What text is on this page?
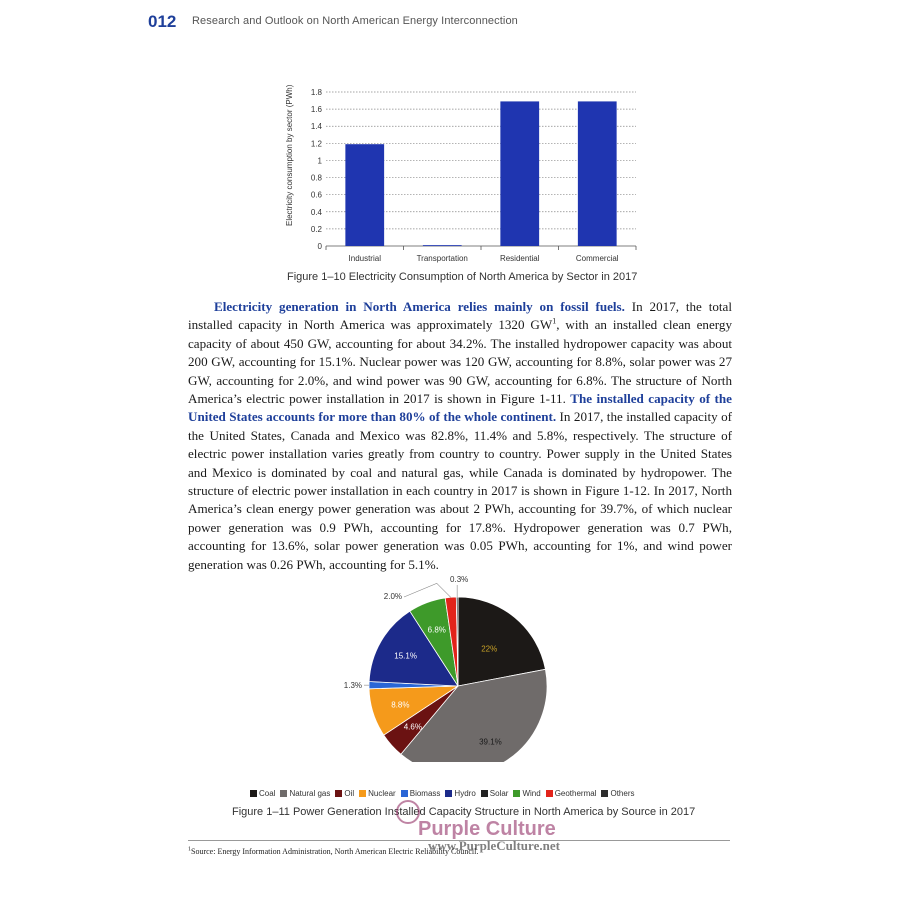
012 Research and Outlook on North American Energy Interconnection
Electricity consumption by sector (PWh)
0
0.2
0.4
0.6
0.8
1
1.2
1.4
1.6
1.8
Industrial	Transportation	Residential	Commercial
Figure 1–10 Electricity Consumption of North America by Sector in 2017

Electricity generation in North America relies mainly on fossil fuels. In 2017, the total installed capacity in North America was approximately 1320 $GW^1$, with an installed clean energy capacity of about 450 GW, accounting for about 34.2%. The installed hydropower capacity was about 200 GW, accounting for 15.1%. Nuclear power was 120 GW, accounting for 8.8%, solar power was 27 GW, accounting for 2.0%, and wind power was 90 GW, accounting for 6.8%. The structure of North America’s electric power installation in 2017 is shown in Figure 1-11. The installed capacity of the United States accounts for more than 80% of the whole continent. In 2017, the installed capacity of the United States, Canada and Mexico was 82.8%, 11.4% and 5.8%, respectively. The structure of electric power installation varies greatly from country to country. Power supply in the United States and Mexico is dominated by coal and natural gas, while Canada is dominated by hydropower. The structure of electric power installation in each country in 2017 is shown in Figure 1-12. In 2017, North America’s clean energy power generation was about 2 PWh, accounting for 39.7%, of which nuclear power generation was 0.9 PWh, accounting for 17.8%. Hydropower generation was 0.7 PWh, accounting for 13.6%, solar power generation was 0.05 PWh, accounting for 1%, and wind power generation was 0.26 PWh, accounting for 5.1%.

22%
39.1%
4.6%
8.8%
1.3%
15.1%
6.8%
2.0%
0.3%
Coal Natural gas Oil Nuclear Biomass Hydro Solar Wind Geothermal Others
Figure 1–11 Power Generation Installed Capacity Structure in North America by Source in 2017
Purple Culture
www.PurpleCulture.net
$^1$Source: Energy Information Administration, North American Electric Reliability Council.
